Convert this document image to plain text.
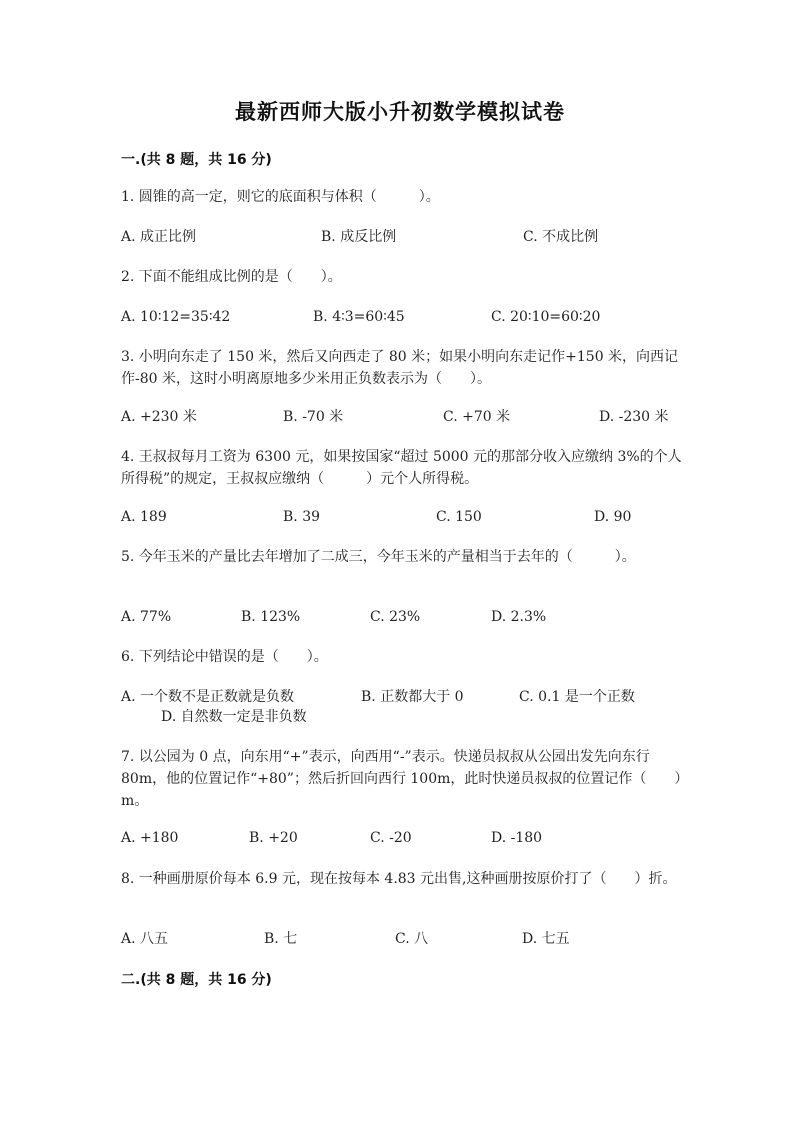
最新西师大版小升初数学模拟试卷
一.(共 8 题，共 16 分)
1. 圆锥的高一定，则它的底面积与体积（　　　）。
A. 成正比例	B. 成反比例	C. 不成比例
2. 下面不能组成比例的是（　　）。
A. 10∶12=35∶42	B. 4∶3=60∶45	C. 20∶10=60∶20
3. 小明向东走了 150 米，然后又向西走了 80 米；如果小明向东走记作+150 米，向西记作-80 米，这时小明离原地多少米用正负数表示为（　　）。
A. +230 米	B. -70 米	C. +70 米	D. -230 米
4. 王叔叔每月工资为 6300 元，如果按国家“超过 5000 元的那部分收入应缴纳 3%的个人所得税”的规定，王叔叔应缴纳（　　　）元个人所得税。
A. 189	B. 39	C. 150	D. 90
5. 今年玉米的产量比去年增加了二成三，今年玉米的产量相当于去年的（　　　）。
A. 77%	B. 123%	C. 23%	D. 2.3%
6. 下列结论中错误的是（　　）。
A. 一个数不是正数就是负数	B. 正数都大于 0	C. 0.1 是一个正数
D. 自然数一定是非负数
7. 以公园为 0 点，向东用“+”表示，向西用“-”表示。快递员叔叔从公园出发先向东行 80m，他的位置记作“+80”；然后折回向西行 100m，此时快递员叔叔的位置记作（　　）m。
A. +180	B. +20	C. -20	D. -180
8. 一种画册原价每本 6.9 元，现在按每本 4.83 元出售,这种画册按原价打了（　　）折。
A. 八五	B. 七	C. 八	D. 七五
二.(共 8 题，共 16 分)
